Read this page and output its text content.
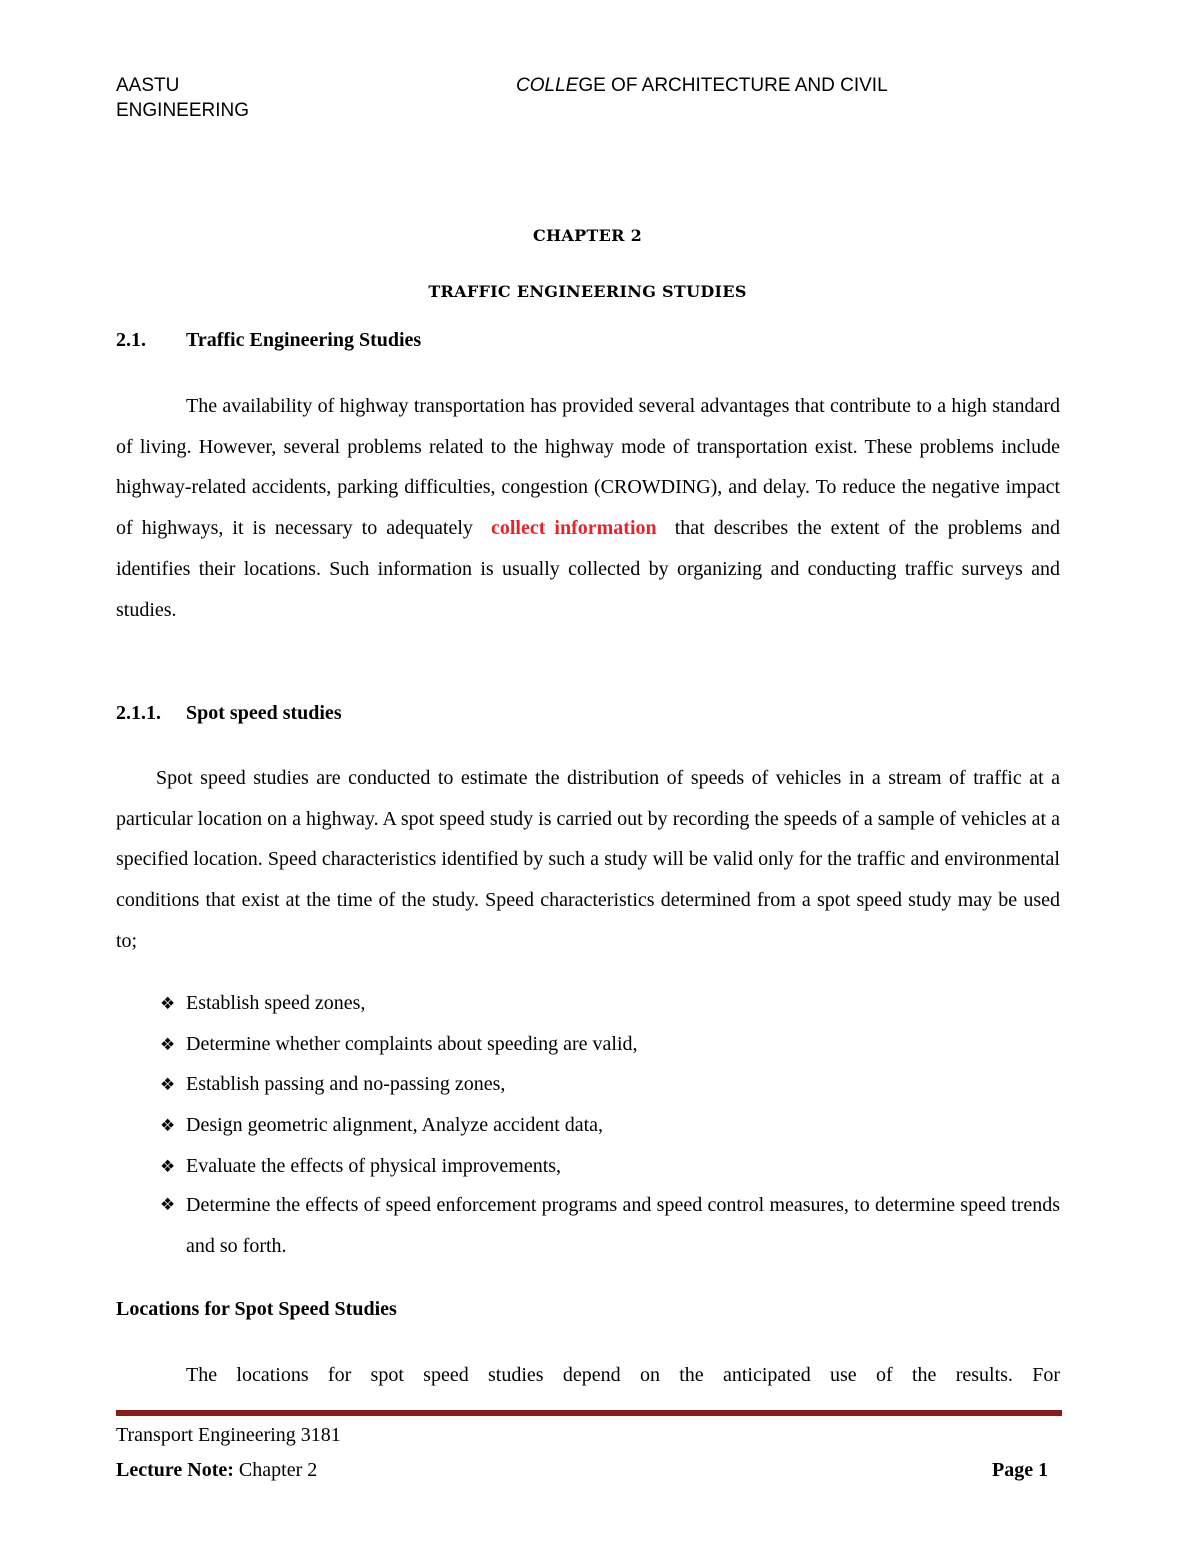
AASTU	COLLEGE OF ARCHITECTURE AND CIVIL
ENGINEERING
CHAPTER 2
TRAFFIC ENGINEERING STUDIES
2.1. Traffic Engineering Studies
The availability of highway transportation has provided several advantages that contribute to a high standard of living. However, several problems related to the highway mode of transportation exist. These problems include highway-related accidents, parking difficulties, congestion (CROWDING), and delay. To reduce the negative impact of highways, it is necessary to adequately collect information that describes the extent of the problems and identifies their locations. Such information is usually collected by organizing and conducting traffic surveys and studies.
2.1.1. Spot speed studies
Spot speed studies are conducted to estimate the distribution of speeds of vehicles in a stream of traffic at a particular location on a highway. A spot speed study is carried out by recording the speeds of a sample of vehicles at a specified location. Speed characteristics identified by such a study will be valid only for the traffic and environmental conditions that exist at the time of the study. Speed characteristics determined from a spot speed study may be used to;
❖ Establish speed zones,
❖ Determine whether complaints about speeding are valid,
❖ Establish passing and no-passing zones,
❖ Design geometric alignment, Analyze accident data,
❖ Evaluate the effects of physical improvements,
❖ Determine the effects of speed enforcement programs and speed control measures, to determine speed trends and so forth.
Locations for Spot Speed Studies
The locations for spot speed studies depend on the anticipated use of the results. For
Transport Engineering 3181
Lecture Note: Chapter 2	Page 1
